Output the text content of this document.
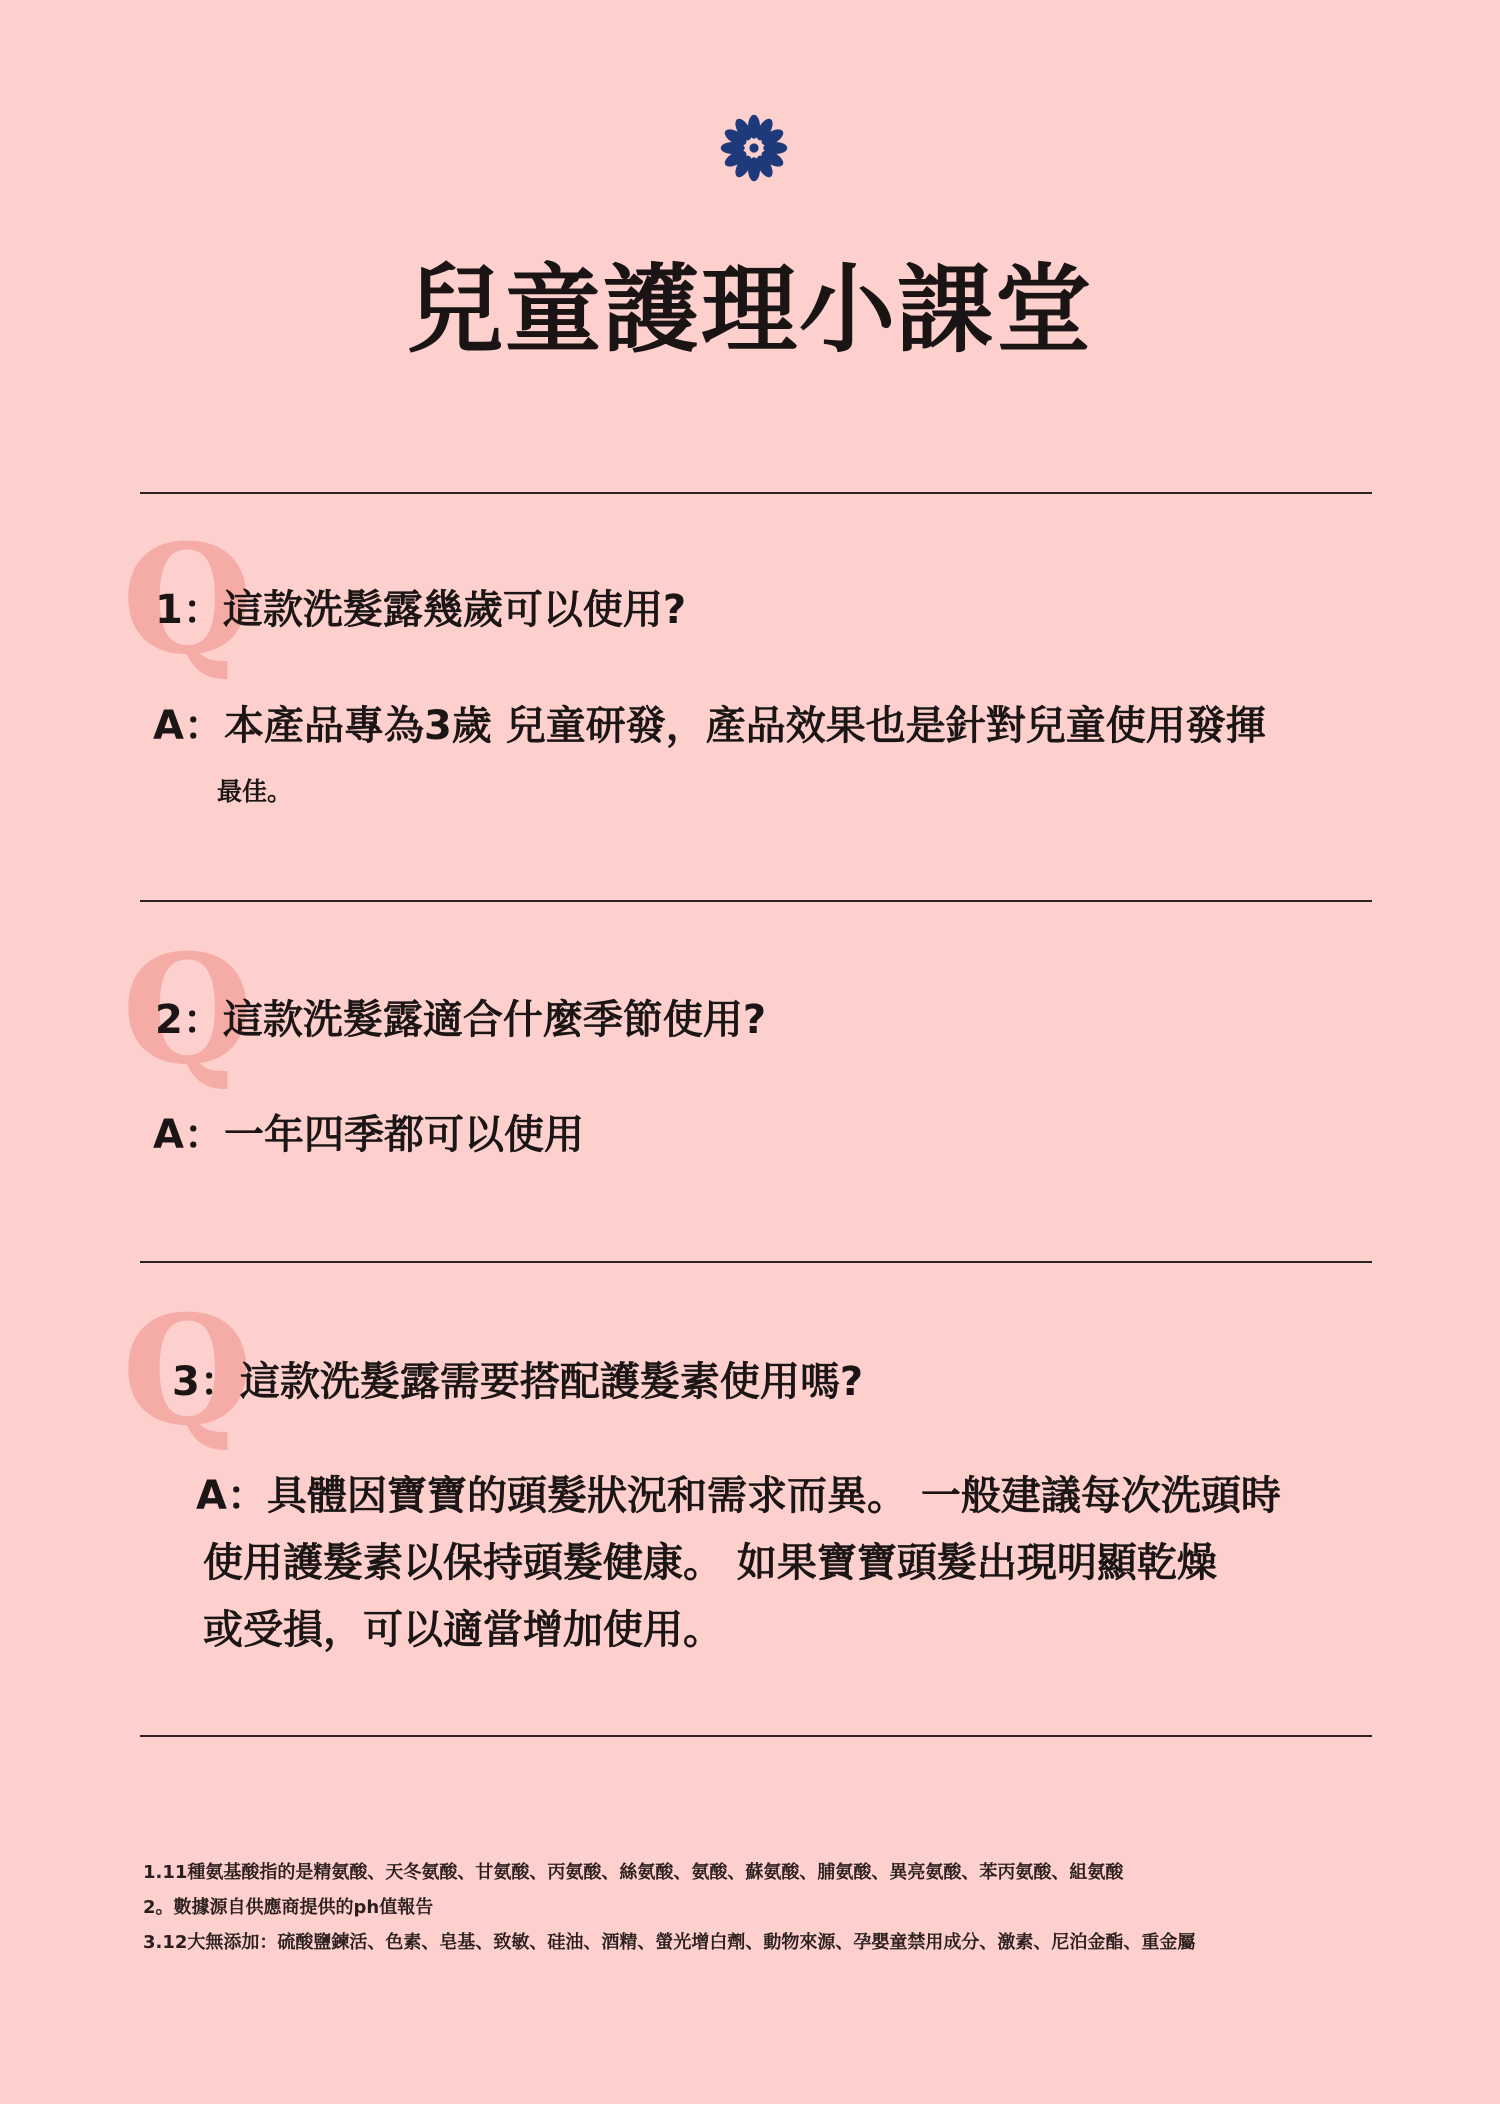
兒童護理小課堂
Q
1：這款洗髮露幾歲可以使用?
A：本產品專為3歲 兒童研發，產品效果也是針對兒童使用發揮
最佳。
Q
2：這款洗髮露適合什麼季節使用?
A：一年四季都可以使用
Q
3：這款洗髮露需要搭配護髮素使用嗎?
A：具體因寶寶的頭髮狀況和需求而異。 一般建議每次洗頭時
使用護髮素以保持頭髮健康。 如果寶寶頭髮出現明顯乾燥
或受損，可以適當增加使用。
1.11種氨基酸指的是精氨酸、天冬氨酸、甘氨酸、丙氨酸、絲氨酸、氨酸、蘇氨酸、脯氨酸、異亮氨酸、苯丙氨酸、組氨酸
2。數據源自供應商提供的ph值報告
3.12大無添加：硫酸鹽鍊活、色素、皂基、致敏、硅油、酒精、螢光增白劑、動物來源、孕嬰童禁用成分、激素、尼泊金酯、重金屬
